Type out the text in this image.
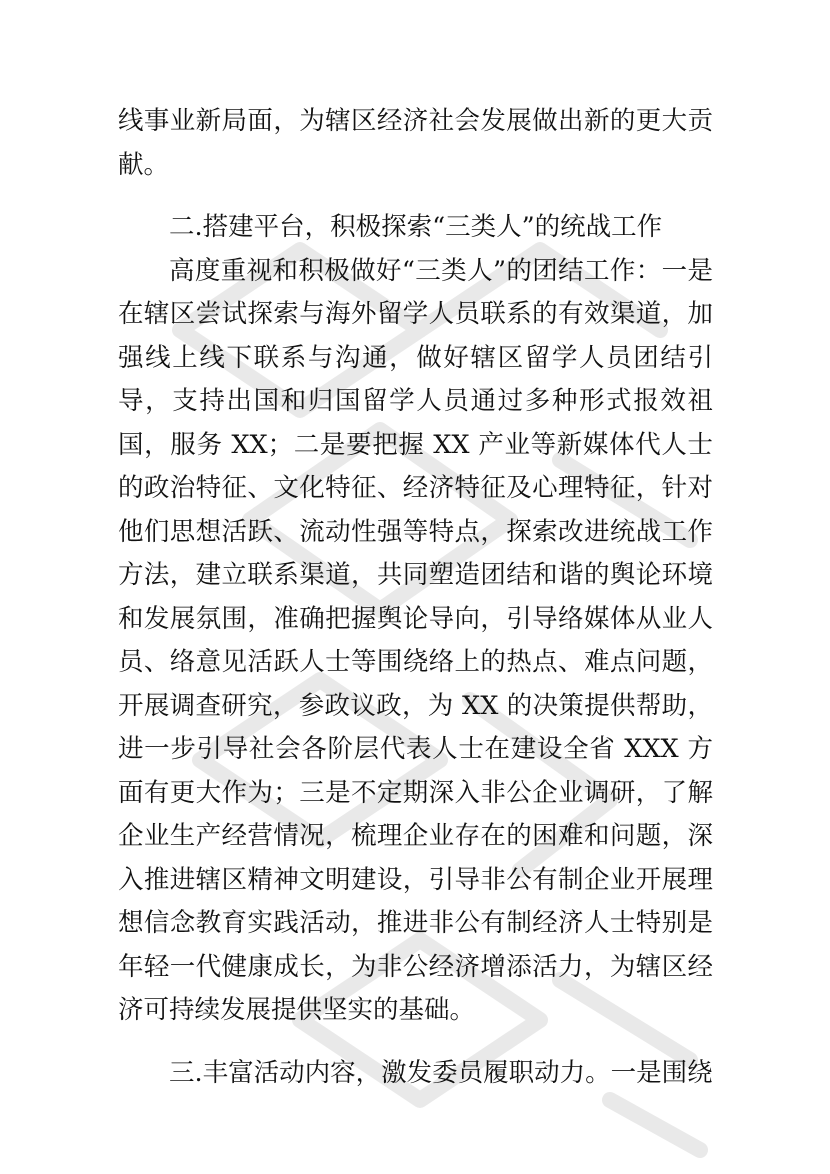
线事业新局面，为辖区经济社会发展做出新的更大贡献。

二.搭建平台，积极探索“三类人”的统战工作

高度重视和积极做好“三类人”的团结工作：一是在辖区尝试探索与海外留学人员联系的有效渠道，加强线上线下联系与沟通，做好辖区留学人员团结引导，支持出国和归国留学人员通过多种形式报效祖国，服务 XX；二是要把握 XX 产业等新媒体代人士的政治特征、文化特征、经济特征及心理特征，针对他们思想活跃、流动性强等特点，探索改进统战工作方法，建立联系渠道，共同塑造团结和谐的舆论环境和发展氛围，准确把握舆论导向，引导络媒体从业人员、络意见活跃人士等围绕络上的热点、难点问题，开展调查研究，参政议政，为 XX 的决策提供帮助，进一步引导社会各阶层代表人士在建设全省 XXX 方面有更大作为；三是不定期深入非公企业调研，了解企业生产经营情况，梳理企业存在的困难和问题，深入推进辖区精神文明建设，引导非公有制企业开展理想信念教育实践活动，推进非公有制经济人士特别是年轻一代健康成长，为非公经济增添活力，为辖区经济可持续发展提供坚实的基础。

三.丰富活动内容，激发委员履职动力。一是围绕
